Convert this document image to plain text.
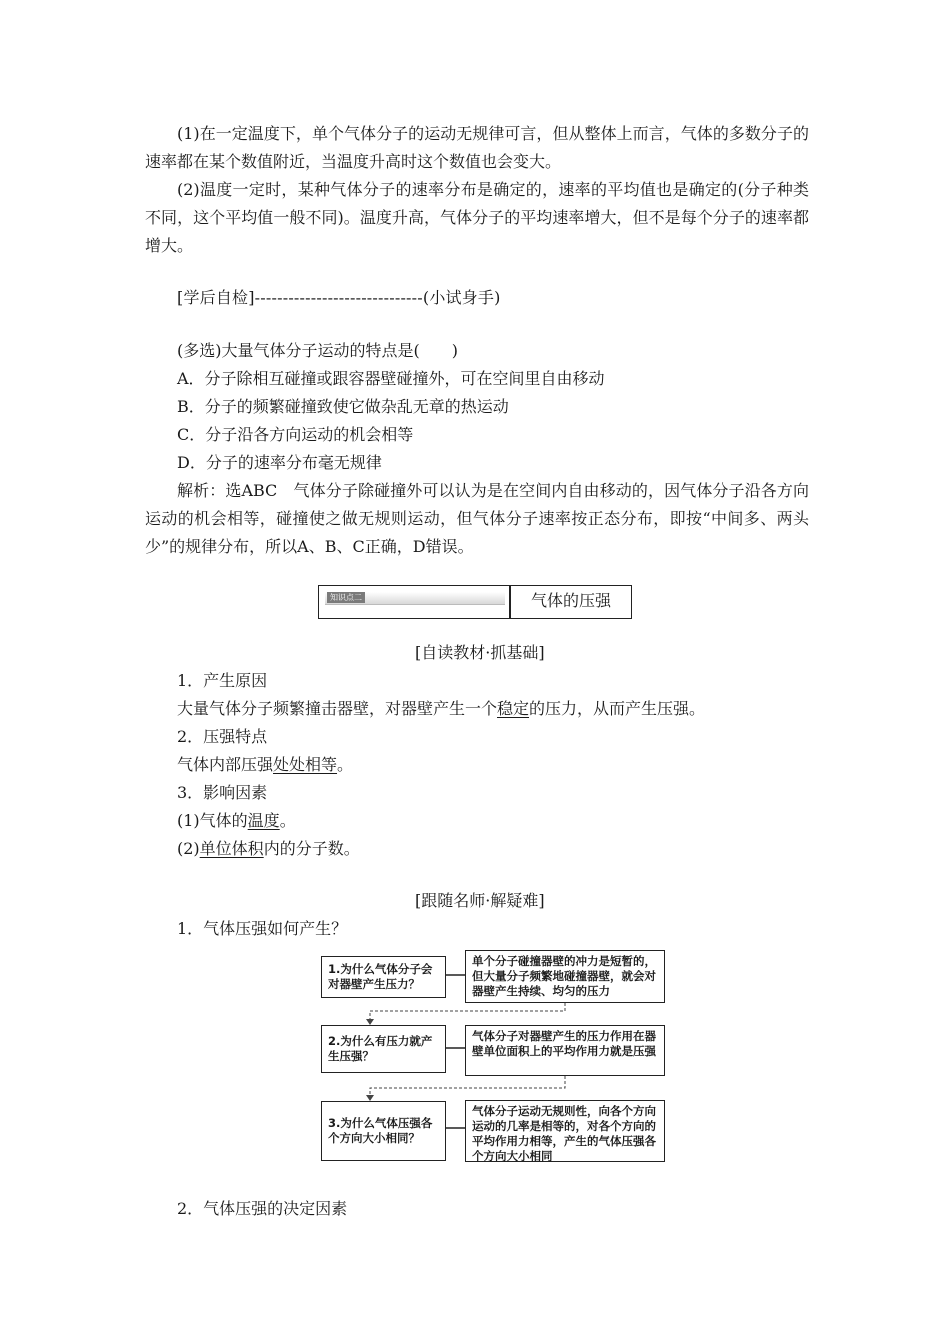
(1)在一定温度下，单个气体分子的运动无规律可言，但从整体上而言，气体的多数分子的速率都在某个数值附近，当温度升高时这个数值也会变大。

(2)温度一定时，某种气体分子的速率分布是确定的，速率的平均值也是确定的(分子种类不同，这个平均值一般不同)。温度升高，气体分子的平均速率增大，但不是每个分子的速率都增大。

[学后自检]------------------------------(小试身手)

(多选)大量气体分子运动的特点是(　　)

A．分子除相互碰撞或跟容器壁碰撞外，可在空间里自由移动

B．分子的频繁碰撞致使它做杂乱无章的热运动

C．分子沿各方向运动的机会相等

D．分子的速率分布毫无规律

解析：选ABC　气体分子除碰撞外可以认为是在空间内自由移动的，因气体分子沿各方向运动的机会相等，碰撞使之做无规则运动，但气体分子速率按正态分布，即按“中间多、两头少”的规律分布，所以A、B、C正确，D错误。

知识点二	气体的压强

[自读教材·抓基础]

1．产生原因

大量气体分子频繁撞击器壁，对器壁产生一个稳定的压力，从而产生压强。

2．压强特点

气体内部压强处处相等。

3．影响因素

(1)气体的温度。

(2)单位体积内的分子数。

[跟随名师·解疑难]

1．气体压强如何产生？

1.为什么气体分子会对器壁产生压力？
单个分子碰撞器壁的冲力是短暂的，但大量分子频繁地碰撞器壁，就会对器壁产生持续、均匀的压力
2.为什么有压力就产生压强？
气体分子对器壁产生的压力作用在器壁单位面积上的平均作用力就是压强
3.为什么气体压强各个方向大小相同？
气体分子运动无规则性，向各个方向运动的几率是相等的，对各个方向的平均作用力相等，产生的气体压强各个方向大小相同

2．气体压强的决定因素
